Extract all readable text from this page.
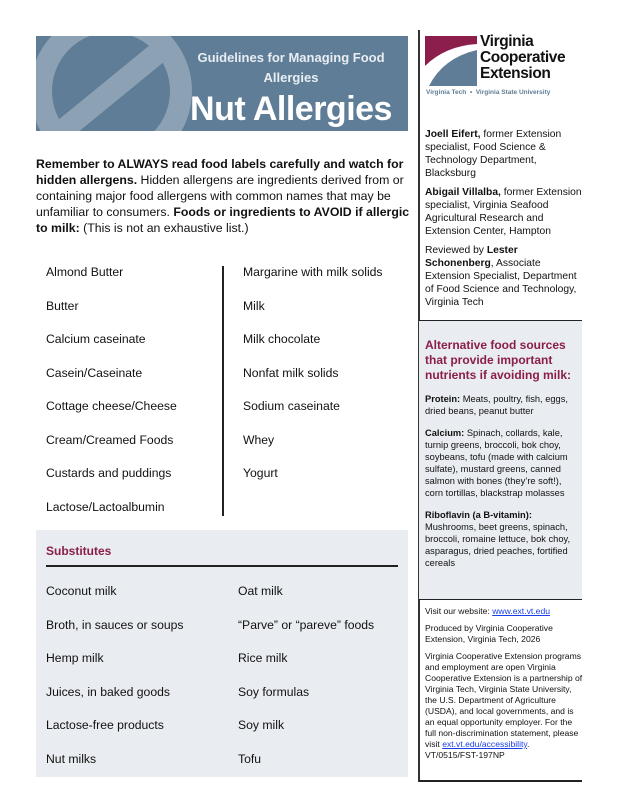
Guidelines for Managing Food Allergies
Nut Allergies
Remember to ALWAYS read food labels carefully and watch for hidden allergens. Hidden allergens are ingredients derived from or containing major food allergens with common names that may be unfamiliar to consumers. Foods or ingredients to AVOID if allergic to milk: (This is not an exhaustive list.)
Almond Butter
Butter
Calcium caseinate
Casein/Caseinate
Cottage cheese/Cheese
Cream/Creamed Foods
Custards and puddings
Lactose/Lactoalbumin
Margarine with milk solids
Milk
Milk chocolate
Nonfat milk solids
Sodium caseinate
Whey
Yogurt
Substitutes
Coconut milk
Broth, in sauces or soups
Hemp milk
Juices, in baked goods
Lactose-free products
Nut milks
Oat milk
“Parve” or “pareve” foods
Rice milk
Soy formulas
Soy milk
Tofu
Virginia
Cooperative
Extension
Virginia Tech  •  Virginia State University

Joell Eifert, former Extension specialist, Food Science & Technology Department, Blacksburg

Abigail Villalba, former Extension specialist, Virginia Seafood Agricultural Research and Extension Center, Hampton

Reviewed by Lester Schonenberg, Associate Extension Specialist, Department of Food Science and Technology, Virginia Tech

Alternative food sources that provide important nutrients if avoiding milk:

Protein: Meats, poultry, fish, eggs, dried beans, peanut butter

Calcium: Spinach, collards, kale, turnip greens, broccoli, bok choy, soybeans, tofu (made with calcium sulfate), mustard greens, canned salmon with bones (they’re soft!), corn tortillas, blackstrap molasses

Riboflavin (a B-vitamin): Mushrooms, beet greens, spinach, broccoli, romaine lettuce, bok choy, asparagus, dried peaches, fortified cereals

Visit our website: www.ext.vt.edu

Produced by Virginia Cooperative Extension, Virginia Tech, 2026

Virginia Cooperative Extension programs and employment are open Virginia Cooperative Extension is a partnership of Virginia Tech, Virginia State University, the U.S. Department of Agriculture (USDA), and local governments, and is an equal opportunity employer. For the full non-discrimination statement, please visit ext.vt.edu/accessibility.
VT/0515/FST-197NP
